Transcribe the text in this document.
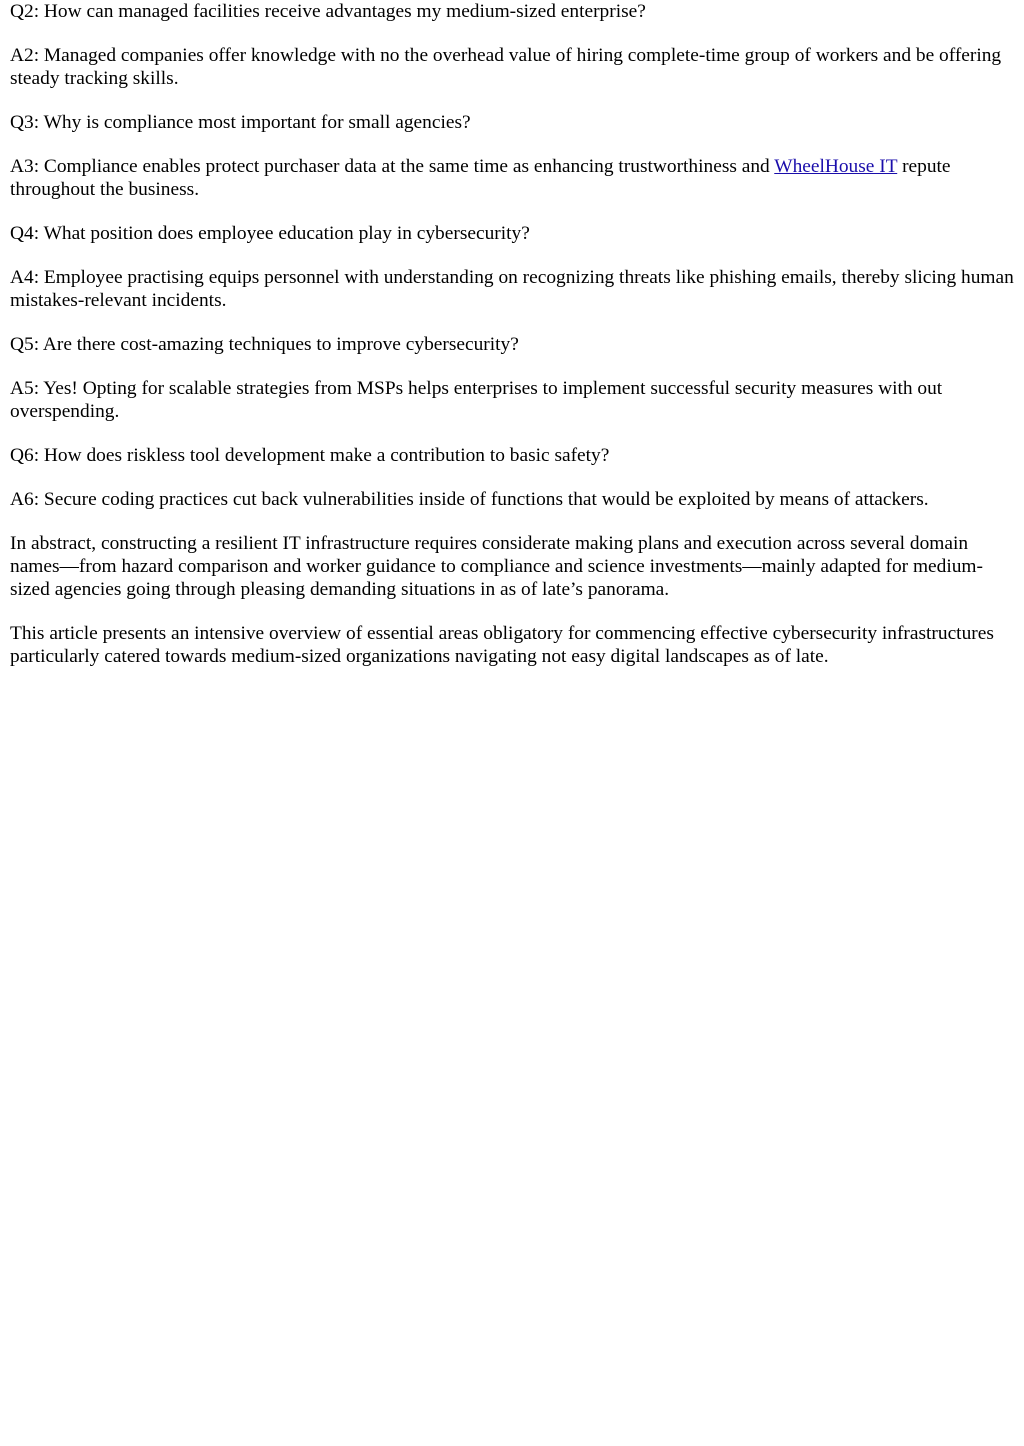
Q2: How can managed facilities receive advantages my medium-sized enterprise?

A2: Managed companies offer knowledge with no the overhead value of hiring complete-time group of workers and be offering steady tracking skills.

Q3: Why is compliance most important for small agencies?

A3: Compliance enables protect purchaser data at the same time as enhancing trustworthiness and WheelHouse IT repute throughout the business.

Q4: What position does employee education play in cybersecurity?

A4: Employee practising equips personnel with understanding on recognizing threats like phishing emails, thereby slicing human mistakes-relevant incidents.

Q5: Are there cost-amazing techniques to improve cybersecurity?

A5: Yes! Opting for scalable strategies from MSPs helps enterprises to implement successful security measures with out overspending.

Q6: How does riskless tool development make a contribution to basic safety?

A6: Secure coding practices cut back vulnerabilities inside of functions that would be exploited by means of attackers.

In abstract, constructing a resilient IT infrastructure requires considerate making plans and execution across several domain names—from hazard comparison and worker guidance to compliance and science investments—mainly adapted for medium-sized agencies going through pleasing demanding situations in as of late’s panorama.

This article presents an intensive overview of essential areas obligatory for commencing effective cybersecurity infrastructures particularly catered towards medium-sized organizations navigating not easy digital landscapes as of late.
